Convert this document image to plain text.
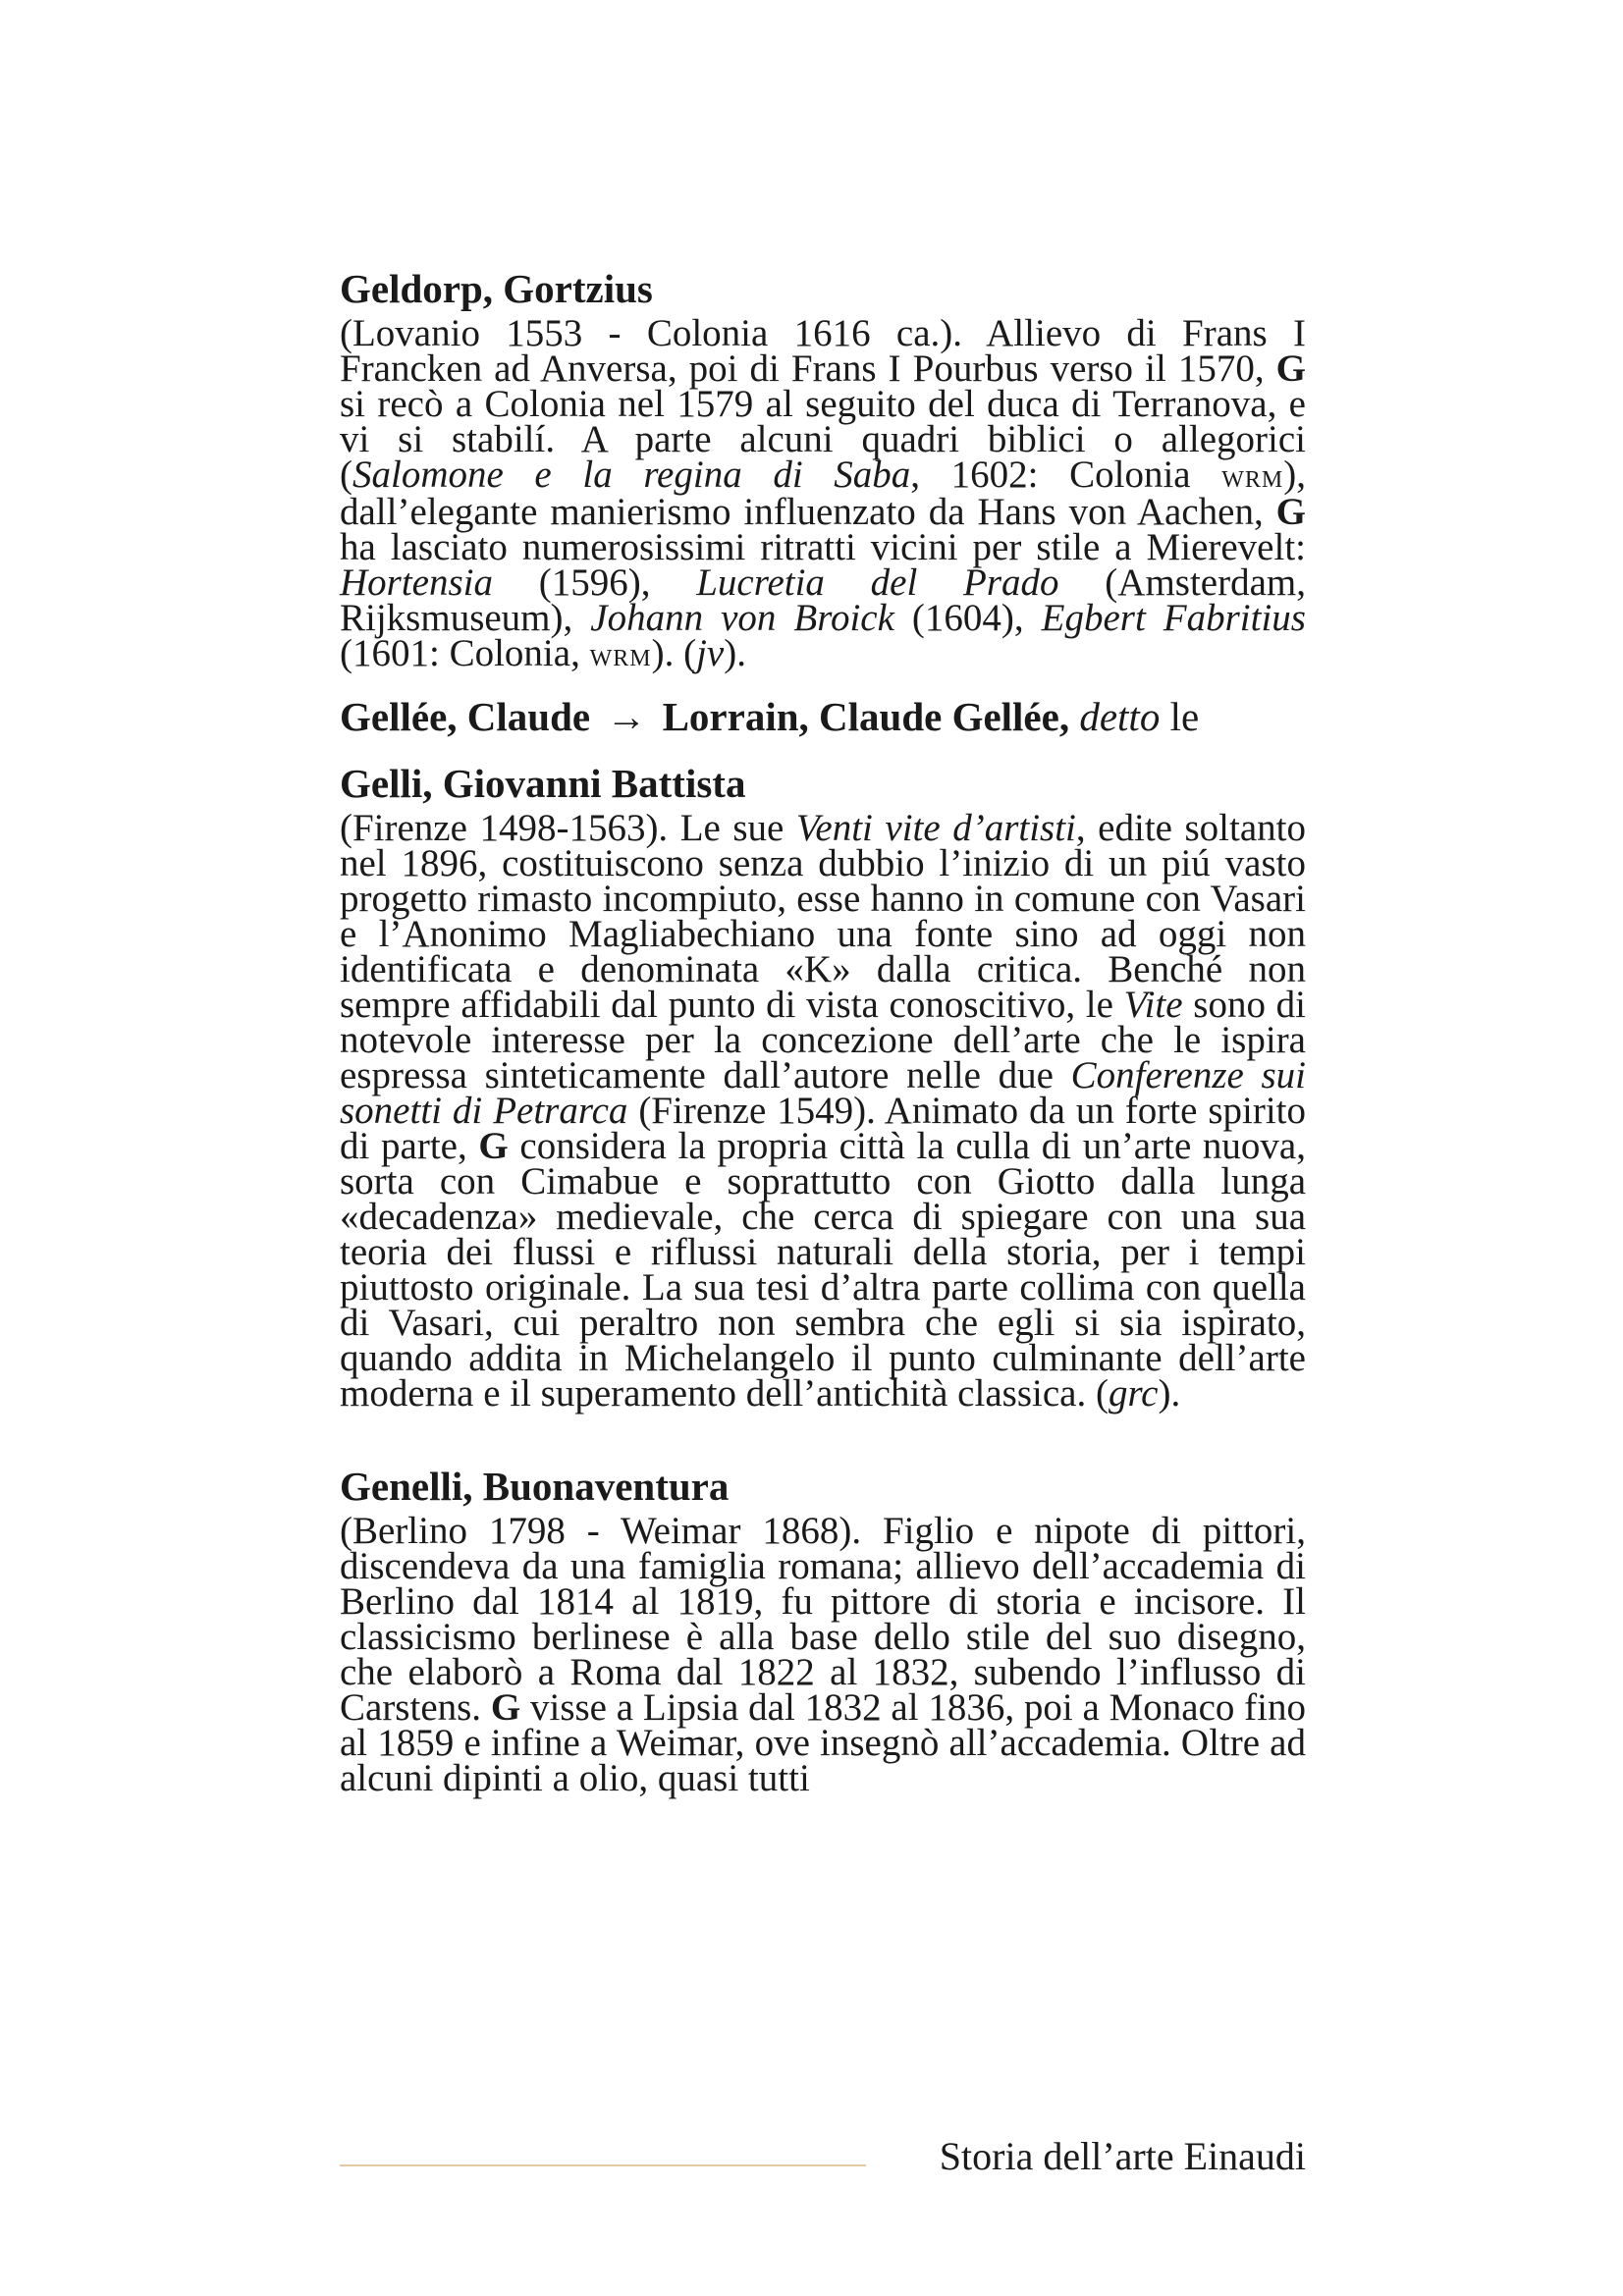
Geldorp, Gortzius

(Lovanio 1553 - Colonia 1616 ca.). Allievo di Frans I Francken ad Anversa, poi di Frans I Pourbus verso il 1570, G si recò a Colonia nel 1579 al seguito del duca di Terranova, e vi si stabilí. A parte alcuni quadri biblici o allegorici (Salomone e la regina di Saba, 1602: Colonia wrm), dall’elegante manierismo influenzato da Hans von Aachen, G ha lasciato numerosissimi ritratti vicini per stile a Mierevelt: Hortensia (1596), Lucretia del Prado (Amsterdam, Rijksmuseum), Johann von Broick (1604), Egbert Fabritius (1601: Colonia, wrm). (jv).

Gellée, Claude → Lorrain, Claude Gellée, detto le
Gelli, Giovanni Battista

(Firenze 1498-1563). Le sue Venti vite d’artisti, edite soltanto nel 1896, costituiscono senza dubbio l’inizio di un piú vasto progetto rimasto incompiuto, esse hanno in comune con Vasari e l’Anonimo Magliabechiano una fonte sino ad oggi non identificata e denominata «K» dalla critica. Benché non sempre affidabili dal punto di vista conoscitivo, le Vite sono di notevole interesse per la concezione dell’arte che le ispira espressa sinteticamente dall’autore nelle due Conferenze sui sonetti di Petrarca (Firenze 1549). Animato da un forte spirito di parte, G considera la propria città la culla di un’arte nuova, sorta con Cimabue e soprattutto con Giotto dalla lunga «decadenza» medievale, che cerca di spiegare con una sua teoria dei flussi e riflussi naturali della storia, per i tempi piuttosto originale. La sua tesi d’altra parte collima con quella di Vasari, cui peraltro non sembra che egli si sia ispirato, quando addita in Michelangelo il punto culminante dell’arte moderna e il superamento dell’antichità classica. (grc).

Genelli, Buonaventura

(Berlino 1798 - Weimar 1868). Figlio e nipote di pittori, discendeva da una famiglia romana; allievo dell’accademia di Berlino dal 1814 al 1819, fu pittore di storia e incisore. Il classicismo berlinese è alla base dello stile del suo disegno, che elaborò a Roma dal 1822 al 1832, subendo l’influsso di Carstens. G visse a Lipsia dal 1832 al 1836, poi a Monaco fino al 1859 e infine a Weimar, ove insegnò all’accademia. Oltre ad alcuni dipinti a olio, quasi tutti

Storia dell’arte Einaudi
